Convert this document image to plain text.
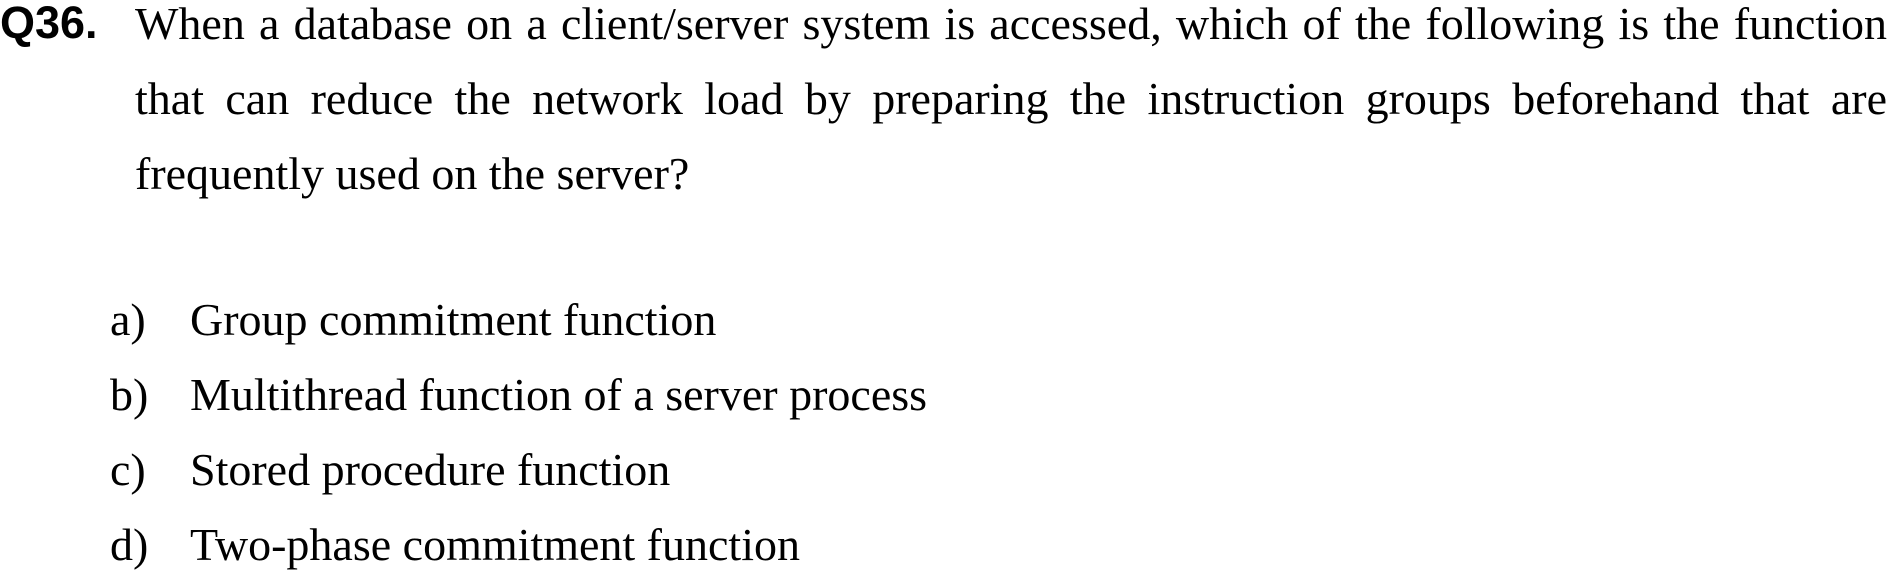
Q36. When a database on a client/server system is accessed, which of the following is the function that can reduce the network load by preparing the instruction groups beforehand that are frequently used on the server?
a) Group commitment function
b) Multithread function of a server process
c) Stored procedure function
d) Two-phase commitment function
